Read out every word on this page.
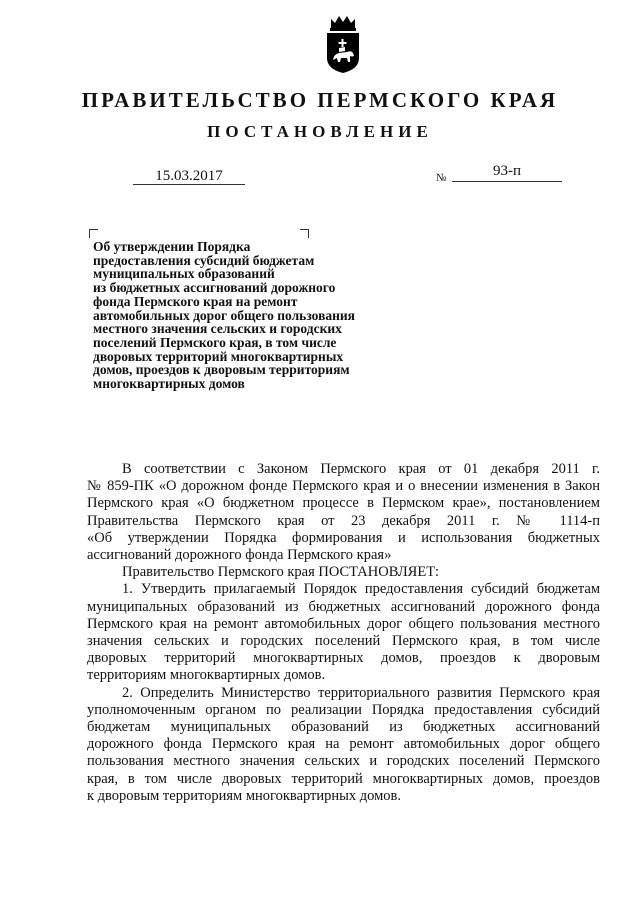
ПРАВИТЕЛЬСТВО ПЕРМСКОГО КРАЯ
ПОСТАНОВЛЕНИЕ
15.03.2017	№	93-п
Об утверждении Порядка
предоставления субсидий бюджетам
муниципальных образований
из бюджетных ассигнований дорожного
фонда Пермского края на ремонт
автомобильных дорог общего пользования
местного значения сельских и городских
поселений Пермского края, в том числе
дворовых территорий многоквартирных
домов, проездов к дворовым территориям
многоквартирных домов

В соответствии с Законом Пермского края от 01 декабря 2011 г.
№ 859-ПК «О дорожном фонде Пермского края и о внесении изменения в Закон
Пермского края «О бюджетном процессе в Пермском крае», постановлением
Правительства Пермского края от 23 декабря 2011 г. № 1114-п
«Об утверждении Порядка формирования и использования бюджетных
ассигнований дорожного фонда Пермского края»

Правительство Пермского края ПОСТАНОВЛЯЕТ:

1. Утвердить прилагаемый Порядок предоставления субсидий бюджетам
муниципальных образований из бюджетных ассигнований дорожного фонда
Пермского края на ремонт автомобильных дорог общего пользования местного
значения сельских и городских поселений Пермского края, в том числе
дворовых территорий многоквартирных домов, проездов к дворовым
территориям многоквартирных домов.

2. Определить Министерство территориального развития Пермского края
уполномоченным органом по реализации Порядка предоставления субсидий
бюджетам муниципальных образований из бюджетных ассигнований
дорожного фонда Пермского края на ремонт автомобильных дорог общего
пользования местного значения сельских и городских поселений Пермского
края, в том числе дворовых территорий многоквартирных домов, проездов
к дворовым территориям многоквартирных домов.
